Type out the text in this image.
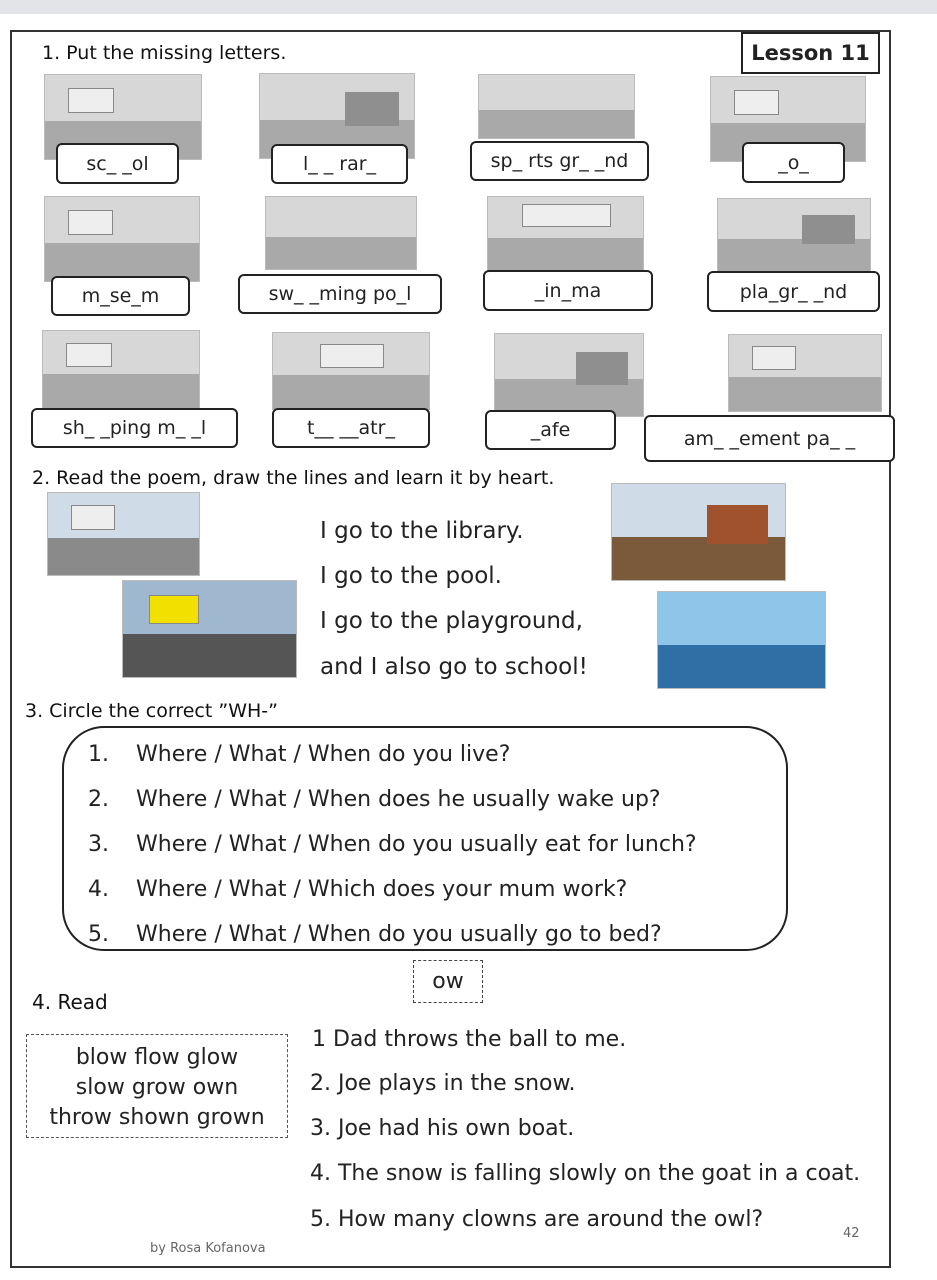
1. Put the missing letters.	Lesson 11
sc_ _ol	l_ _ rar_	sp_ rts gr_ _nd	_o_
m_se_m	sw_ _ming po_l	_in_ma	pla_gr_ _nd
sh_ _ping m_ _l	t__ __atr_	_afe	am_ _ement pa_ _
2. Read the poem, draw the lines and learn it by heart.
I go to the library.
I go to the pool.
I go to the playground,
and I also go to school!
3. Circle the correct ”WH-”
1. Where / What / When do you live?
2. Where / What / When does he usually wake up?
3. Where / What / When do you usually eat for lunch?
4. Where / What / Which does your mum work?
5. Where / What / When do you usually go to bed?
4. Read
ow
blow flow glow
slow grow own
throw shown grown
1 Dad throws the ball to me.
2. Joe plays in the snow.
3. Joe had his own boat.
4. The snow is falling slowly on the goat in a coat.
5. How many clowns are around the owl?
by Rosa Kofanova
42
